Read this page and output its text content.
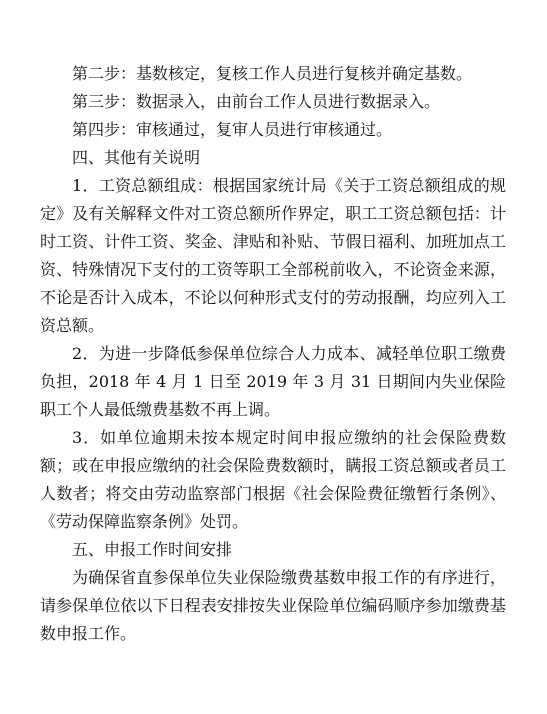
第二步：基数核定，复核工作人员进行复核并确定基数。

第三步：数据录入，由前台工作人员进行数据录入。

第四步：审核通过，复审人员进行审核通过。

四、其他有关说明

1．工资总额组成：根据国家统计局《关于工资总额组成的规定》及有关解释文件对工资总额所作界定，职工工资总额包括：计时工资、计件工资、奖金、津贴和补贴、节假日福利、加班加点工资、特殊情况下支付的工资等职工全部税前收入，不论资金来源，不论是否计入成本，不论以何种形式支付的劳动报酬，均应列入工资总额。

2．为进一步降低参保单位综合人力成本、减轻单位职工缴费负担，2018 年 4 月 1 日至 2019 年 3 月 31 日期间内失业保险职工个人最低缴费基数不再上调。

3．如单位逾期未按本规定时间申报应缴纳的社会保险费数额；或在申报应缴纳的社会保险费数额时，瞒报工资总额或者员工人数者；将交由劳动监察部门根据《社会保险费征缴暂行条例》、《劳动保障监察条例》处罚。

五、申报工作时间安排

为确保省直参保单位失业保险缴费基数申报工作的有序进行，请参保单位依以下日程表安排按失业保险单位编码顺序参加缴费基数申报工作。
